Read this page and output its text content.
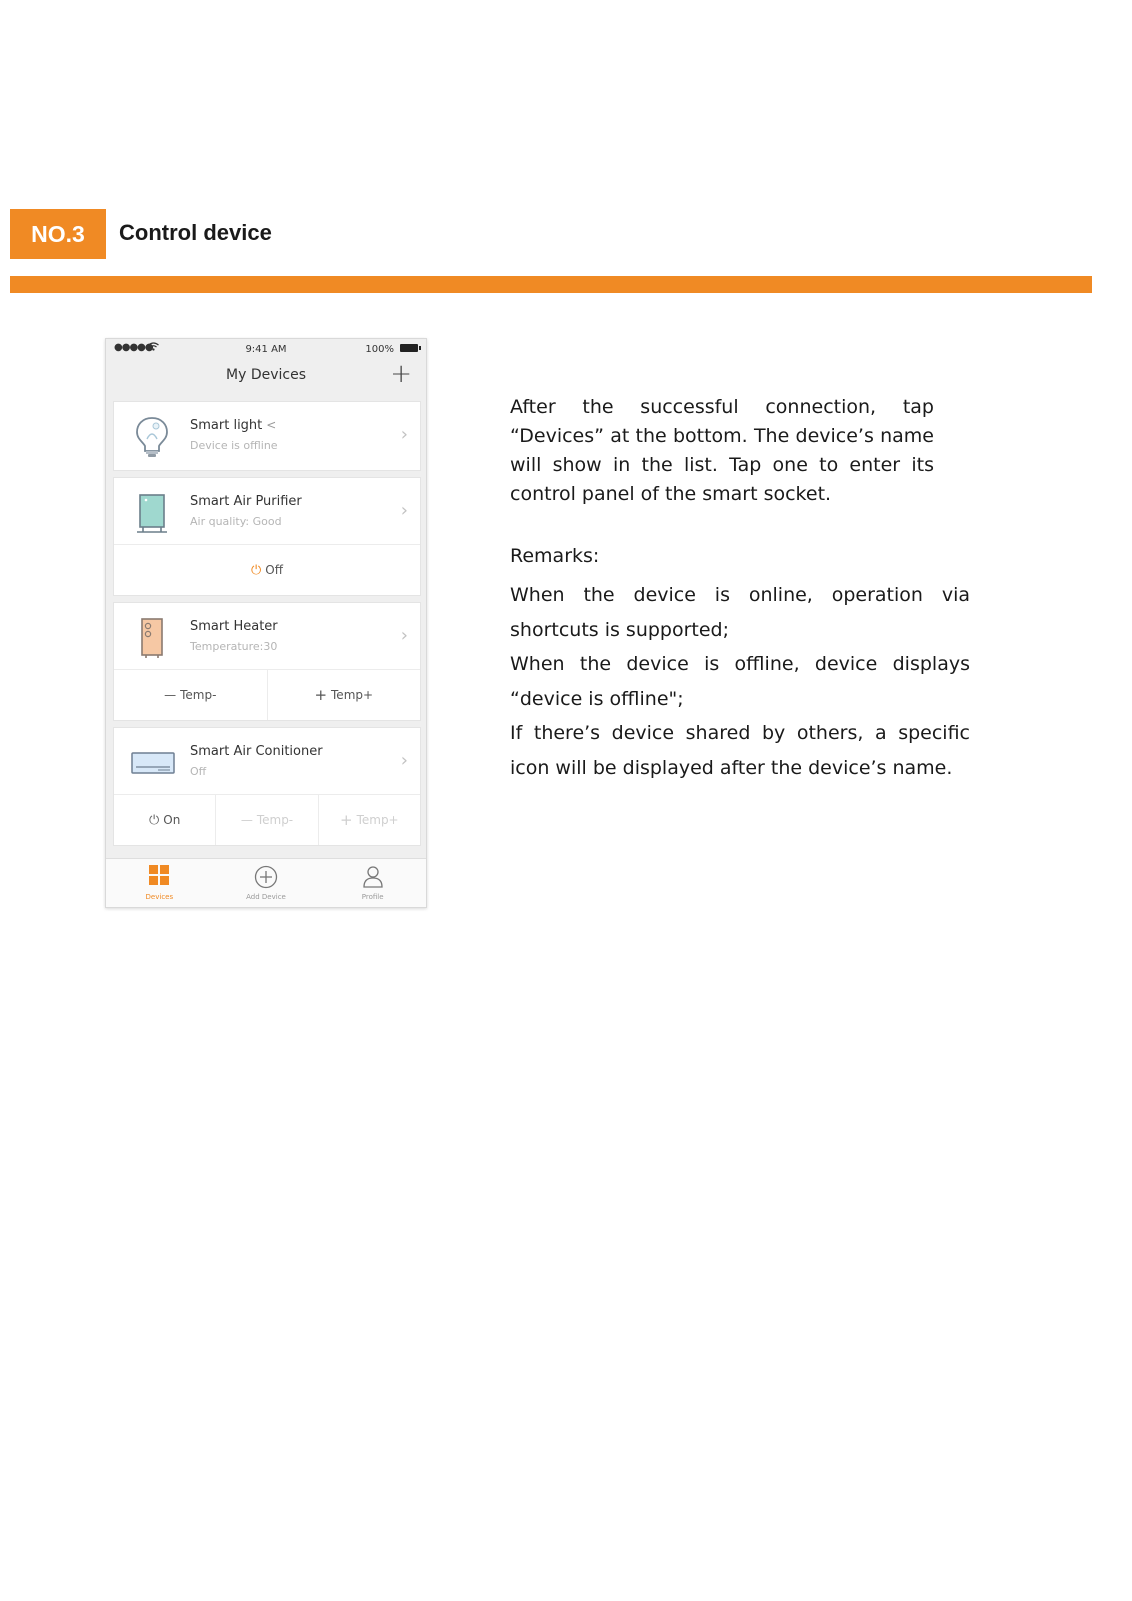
NO.3	Control device
●●●●●	9:41 AM	100%
My Devices	+
Smart light <
Device is offline
›
Smart Air Purifier
Air quality: Good
›
⏻ Off
Smart Heater
Temperature:30
›
— Temp-	+ Temp+
Smart Air Conitioner
Off
›
⏻ On	— Temp-	+ Temp+
Devices	Add Device	Profile
After the successful connection, tap “Devices” at the bottom. The device’s name will show in the list. Tap one to enter its control panel of the smart socket.
Remarks:

When the device is online, operation via shortcuts is supported;

When the device is offline, device displays “device is offline";

If there’s device shared by others, a specific icon will be displayed after the device’s name.
